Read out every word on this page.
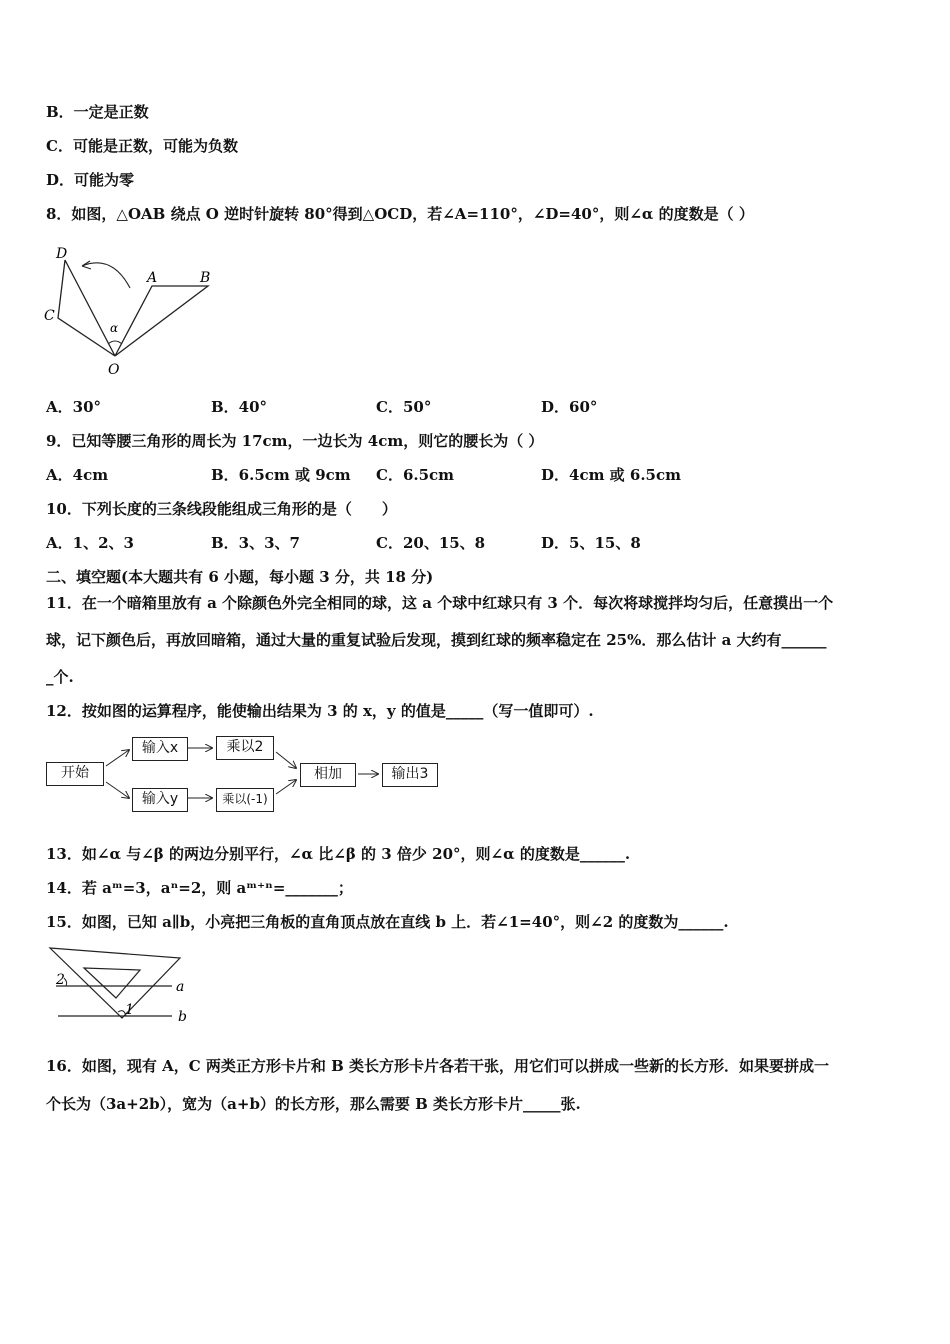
B．一定是正数
C．可能是正数，可能为负数
D．可能为零
8．如图，△OAB 绕点 O 逆时针旋转 80°得到△OCD，若∠A=110°，∠D=40°，则∠α 的度数是（ ）
D
A	B
C
α
O
A．30°	B．40°	C．50°	D．60°
9．已知等腰三角形的周长为 17cm，一边长为 4cm，则它的腰长为（ ）
A．4cm	B．6.5cm 或 9cm C．6.5cm	D．4cm 或 6.5cm
10．下列长度的三条线段能组成三角形的是（　　）
A．1、2、3	B．3、3、7	C．20、15、8	D．5、15、8
二、填空题(本大题共有 6 小题，每小题 3 分，共 18 分)
11．在一个暗箱里放有 a 个除颜色外完全相同的球，这 a 个球中红球只有 3 个．每次将球搅拌均匀后，任意摸出一个
球，记下颜色后，再放回暗箱，通过大量的重复试验后发现，摸到红球的频率稳定在 25%．那么估计 a 大约有______
_个.
12．按如图的运算程序，能使输出结果为 3 的 x，y 的值是_____（写一值即可）.
开始
输入x	乘以2
输入y	乘以(-1)
相加	输出3
13．如∠α 与∠β 的两边分别平行，∠α 比∠β 的 3 倍少 20°，则∠α 的度数是______.
14．若 aᵐ=3，aⁿ=2，则 aᵐ⁺ⁿ=_______；
15．如图，已知 a∥b，小亮把三角板的直角顶点放在直线 b 上．若∠1=40°，则∠2 的度数为______.
2
1
a
b
16．如图，现有 A，C 两类正方形卡片和 B 类长方形卡片各若干张，用它们可以拼成一些新的长方形．如果要拼成一
个长为（3a+2b），宽为（a+b）的长方形，那么需要 B 类长方形卡片_____张.
